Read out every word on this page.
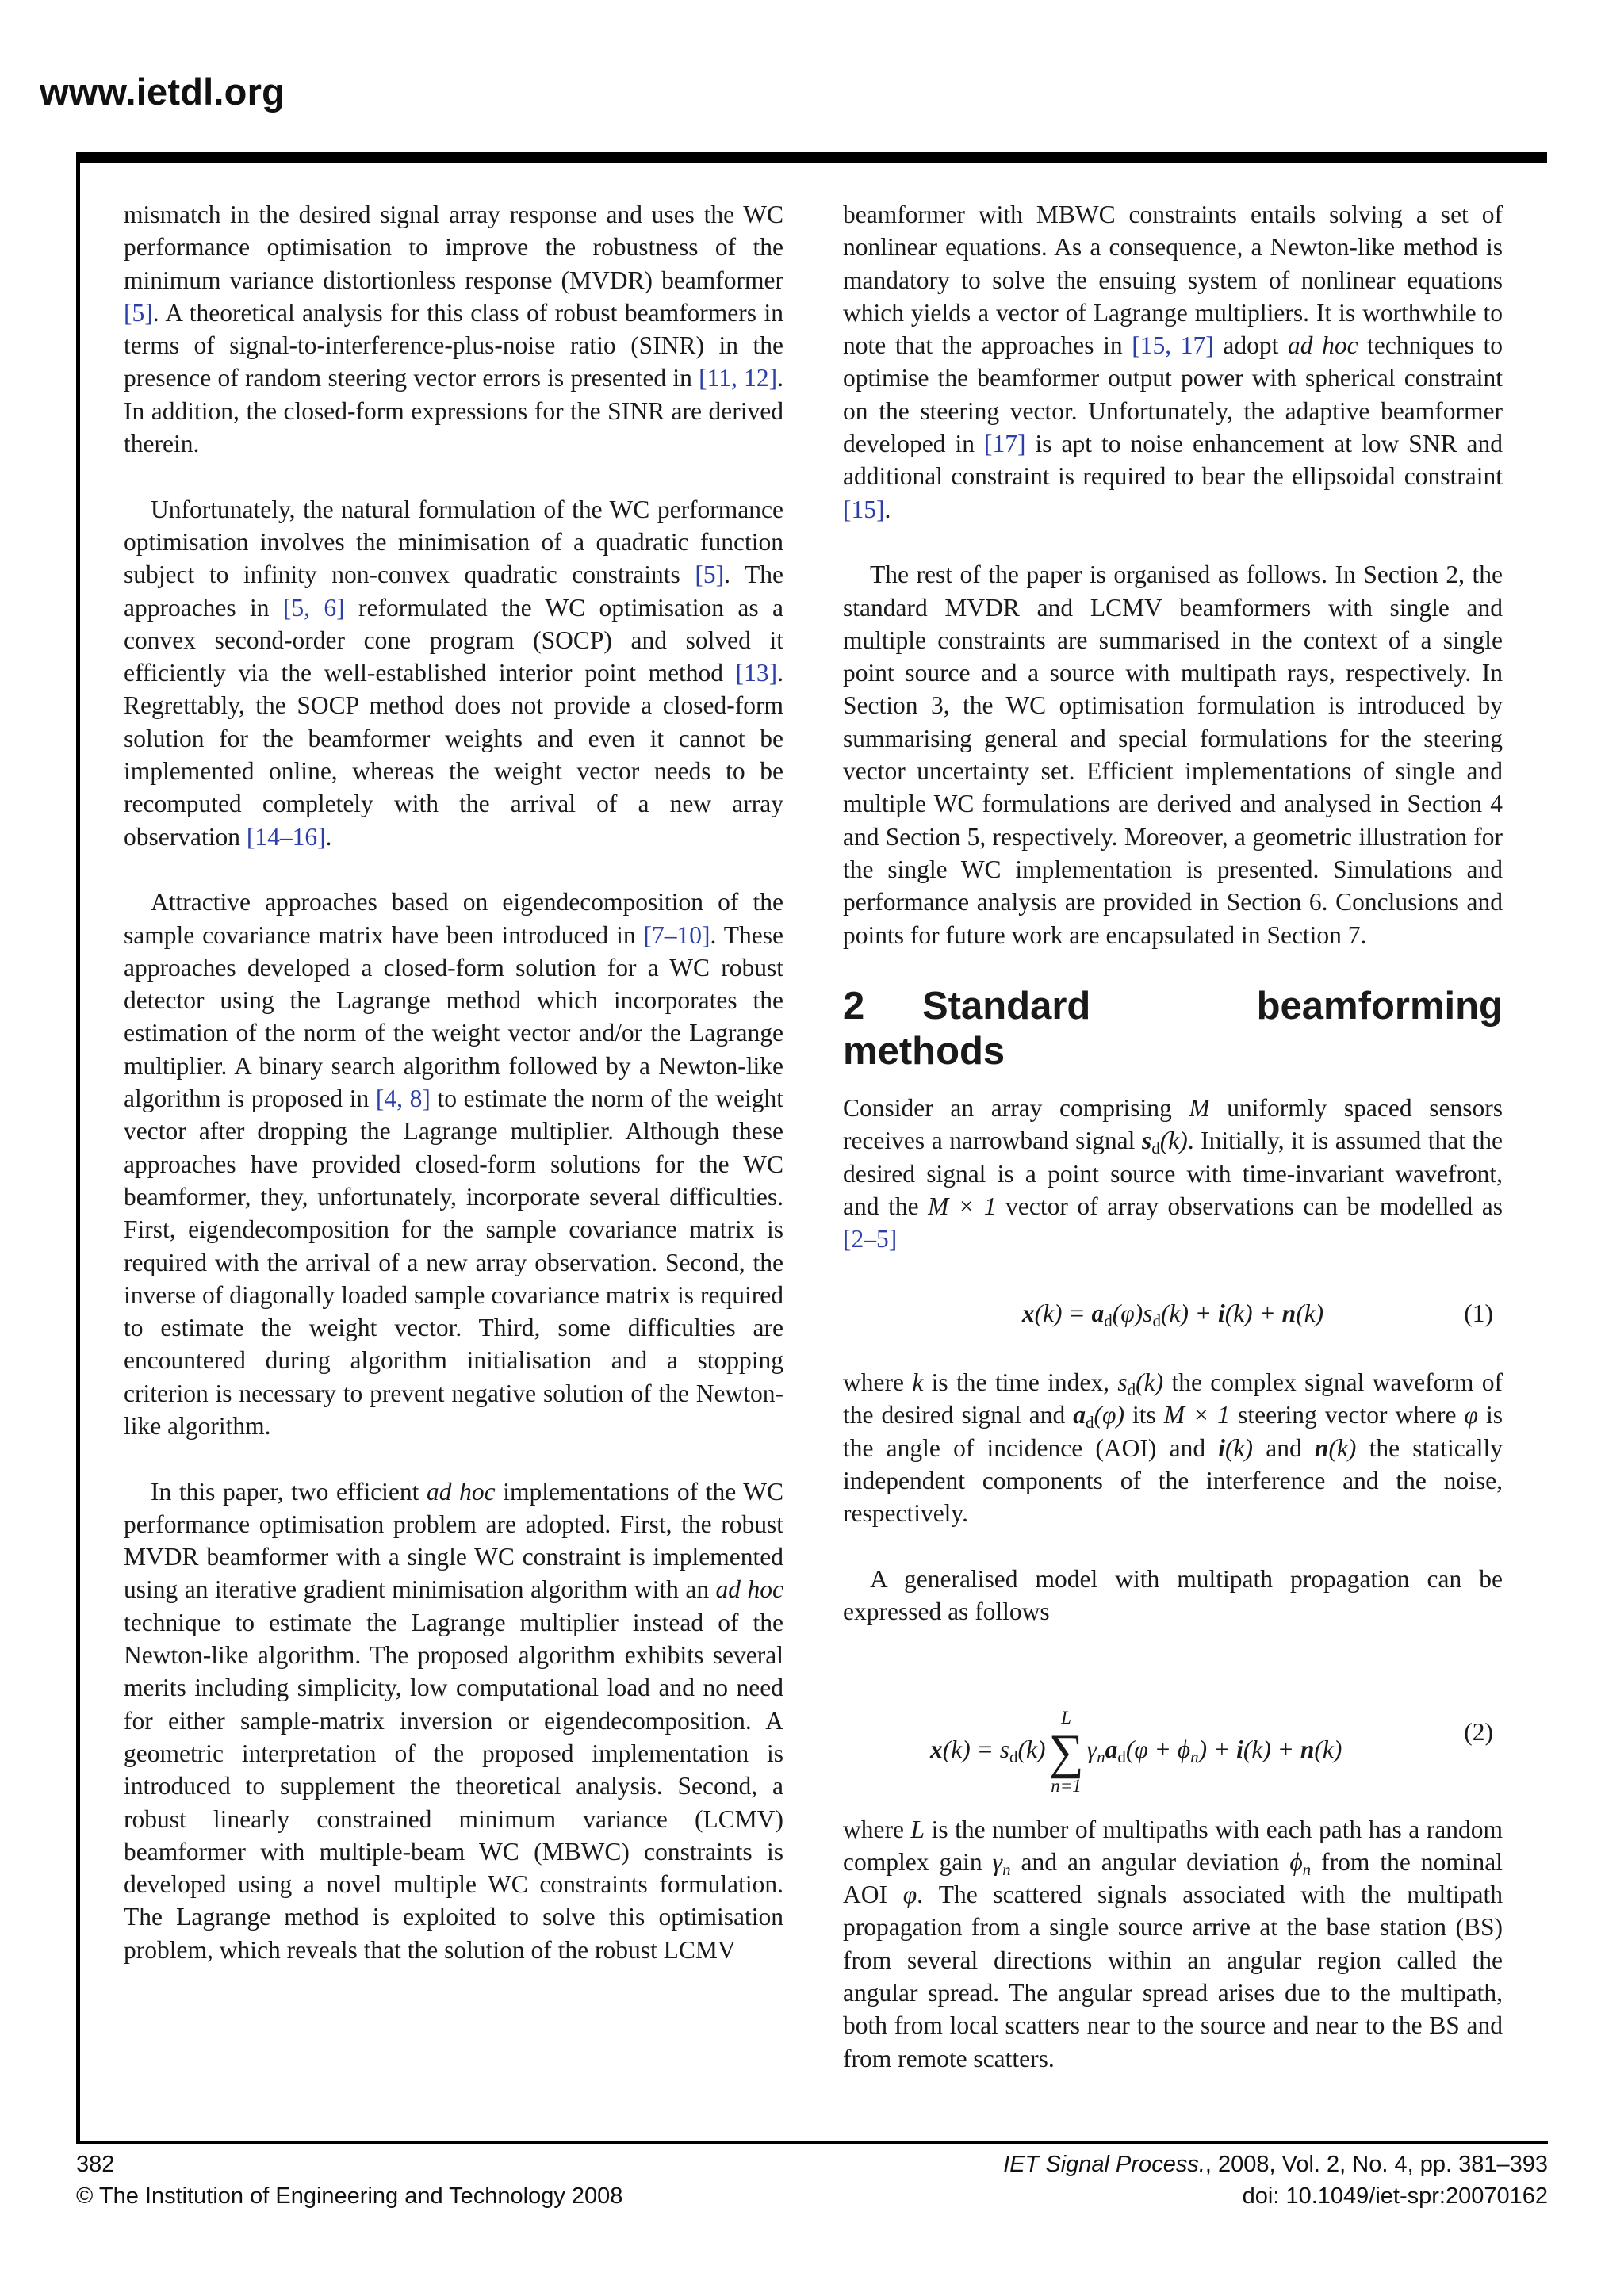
www.ietdl.org

mismatch in the desired signal array response and uses the WC performance optimisation to improve the robustness of the minimum variance distortionless response (MVDR) beamformer [5]. A theoretical analysis for this class of robust beamformers in terms of signal-to-interference-plus-noise ratio (SINR) in the presence of random steering vector errors is presented in [11, 12]. In addition, the closed-form expressions for the SINR are derived therein.

Unfortunately, the natural formulation of the WC performance optimisation involves the minimisation of a quadratic function subject to infinity non-convex quadratic constraints [5]. The approaches in [5, 6] reformulated the WC optimisation as a convex second-order cone program (SOCP) and solved it efficiently via the well-established interior point method [13]. Regrettably, the SOCP method does not provide a closed-form solution for the beamformer weights and even it cannot be implemented online, whereas the weight vector needs to be recomputed completely with the arrival of a new array observation [14–16].

Attractive approaches based on eigendecomposition of the sample covariance matrix have been introduced in [7–10]. These approaches developed a closed-form solution for a WC robust detector using the Lagrange method which incorporates the estimation of the norm of the weight vector and/or the Lagrange multiplier. A binary search algorithm followed by a Newton-like algorithm is proposed in [4, 8] to estimate the norm of the weight vector after dropping the Lagrange multiplier. Although these approaches have provided closed-form solutions for the WC beamformer, they, unfortunately, incorporate several difficulties. First, eigendecomposition for the sample covariance matrix is required with the arrival of a new array observation. Second, the inverse of diagonally loaded sample covariance matrix is required to estimate the weight vector. Third, some difficulties are encountered during algorithm initialisation and a stopping criterion is necessary to prevent negative solution of the Newton-like algorithm.

In this paper, two efficient ad hoc implementations of the WC performance optimisation problem are adopted. First, the robust MVDR beamformer with a single WC constraint is implemented using an iterative gradient minimisation algorithm with an ad hoc technique to estimate the Lagrange multiplier instead of the Newton-like algorithm. The proposed algorithm exhibits several merits including simplicity, low computational load and no need for either sample-matrix inversion or eigendecomposition. A geometric interpretation of the proposed implementation is introduced to supplement the theoretical analysis. Second, a robust linearly constrained minimum variance (LCMV) beamformer with multiple-beam WC (MBWC) constraints is developed using a novel multiple WC constraints formulation. The Lagrange method is exploited to solve this optimisation problem, which reveals that the solution of the robust LCMV

beamformer with MBWC constraints entails solving a set of nonlinear equations. As a consequence, a Newton-like method is mandatory to solve the ensuing system of nonlinear equations which yields a vector of Lagrange multipliers. It is worthwhile to note that the approaches in [15, 17] adopt ad hoc techniques to optimise the beamformer output power with spherical constraint on the steering vector. Unfortunately, the adaptive beamformer developed in [17] is apt to noise enhancement at low SNR and additional constraint is required to bear the ellipsoidal constraint [15].

The rest of the paper is organised as follows. In Section 2, the standard MVDR and LCMV beamformers with single and multiple constraints are summarised in the context of a single point source and a source with multipath rays, respectively. In Section 3, the WC optimisation formulation is introduced by summarising general and special formulations for the steering vector uncertainty set. Efficient implementations of single and multiple WC formulations are derived and analysed in Section 4 and Section 5, respectively. Moreover, a geometric illustration for the single WC implementation is presented. Simulations and performance analysis are provided in Section 6. Conclusions and points for future work are encapsulated in Section 7.

2 Standard beamforming methods

Consider an array comprising M uniformly spaced sensors receives a narrowband signal $s_d(k)$. Initially, it is assumed that the desired signal is a point source with time-invariant wavefront, and the M × 1 vector of array observations can be modelled as [2–5]

$x(k) = a_d(\varphi)s_d(k) + i(k) + n(k)$	(1)

where k is the time index, $s_d(k)$ the complex signal waveform of the desired signal and $a_d(\varphi)$ its M × 1 steering vector where φ is the angle of incidence (AOI) and i(k) and n(k) the statically independent components of the interference and the noise, respectively.

A generalised model with multipath propagation can be expressed as follows

$x(k) = s_d(k)$
L
∑
n=1
$\gamma_na_d(\varphi + \phi_n) + i(k) + n(k)$
(2)

where L is the number of multipaths with each path has a random complex gain $\gamma_n$ and an angular deviation $\phi_n$ from the nominal AOI φ. The scattered signals associated with the multipath propagation from a single source arrive at the base station (BS) from several directions within an angular region called the angular spread. The angular spread arises due to the multipath, both from local scatters near to the source and near to the BS and from remote scatters.

382
© The Institution of Engineering and Technology 2008
IET Signal Process., 2008, Vol. 2, No. 4, pp. 381–393
doi: 10.1049/iet-spr:20070162
